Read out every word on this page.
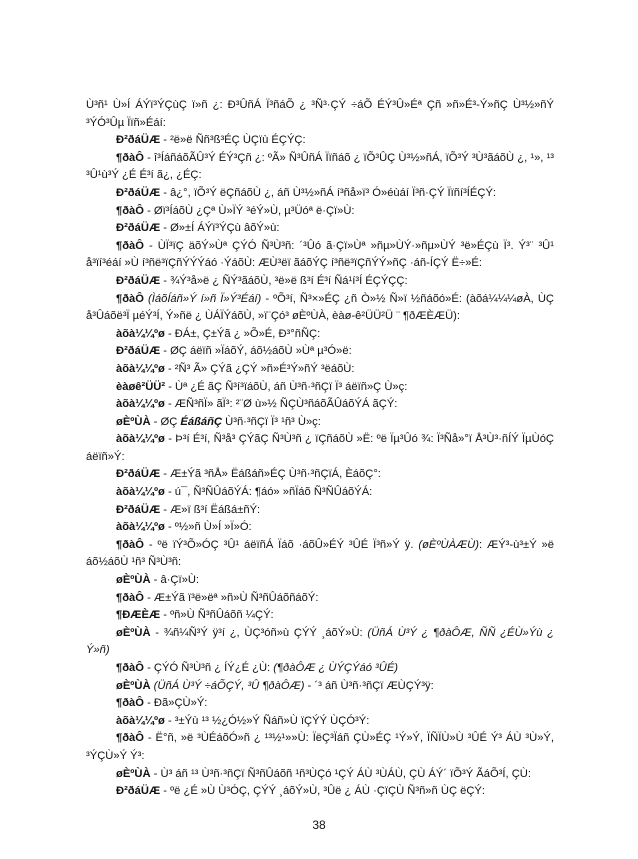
Ù³ñ¹ Ù»Í ÁÝï³ÝÇùÇ ï»ñ ¿: Ð³ÛñÁ Ï³ñáÕ ¿ ³Ñ³·ÇÝ ÷áÕ ÉÝ³Û»Éª Çñ »ñ»É³-Ý»ñÇ Ù³½»ñÝ ³ÝÓ³Ûµ Ïïñ»Éáí:

Ð²ðáÜÆ - ²ë»ë Ññ³ß³ÉÇ ÙÇïù ÉÇÝÇ:

¶ðàÔ - î³ÍáñáõÃÛ³Ý ÉÝ³Çñ ¿: ºÃ» Ñ³ÛñÁ Ïïñáõ ¿ ïÕ³ÛÇ Ù³½»ñÁ, ïÕ³Ý ³Ù³ãáõÙ ¿, ¹», ¹³ ³Û¹ù³Ý ¿É É³í ã¿, ¿ÉÇ:

Ð²ðáÜÆ - â¿°, ïÕ³Ý ëÇñáõÙ ¿, áñ Ù³½»ñÁ í³ñå»ï³ Ó»éùáí Ï³ñ·ÇÝ Ïïñí³ÍÉÇÝ:

¶ðàÔ - Øï³ÍáõÙ ¿Çª Ù»ÏÝ ³éÝ»Ù, µ³Üóª ë·Çï»Ù:

Ð²ðáÜÆ - Ø»±Í ÁÝï³ÝÇù âõÝ»ù:

¶ðàÔ - ÙÏ³ïÇ äõÝ»Ùª ÇÝÓ Ñ³Ù³ñ: ´³Ûó ã·Çï»Ùª »ñµ»ÙÝ·»ñµ»ÙÝ ³ë»ÉÇù Ï³. Ý³¨ ³Û¹ å³ïí³éáí »Ù í³ñë³ïÇñÝÝÝáó ·ÝáõÙ: ÆÙ³ëï ãáõÝÇ í³ñë³ïÇñÝÝ»ñÇ ·áñ-ÍÇÝ Ë÷»É:

Ð²ðáÜÆ - ¾Ý³å»ë ¿ ÑÝ³ãáõÙ, ³ë»ë ß³í É³í Ñá¹í³Í ÉÇÝÇÇ:

¶ðàÔ (ÌáõÍáñ»Ý í»ñ Ï»Ý³Éáí) - ºÕ³í, Ñ³×»ÉÇ ¿ñ Ò»½ Ñ»ï ½ñáõó»É: (àõá¼¼¼øÀ, ÙÇ å³Ûáõë³Ï µéÝ³Í, Ý»ñë ¿ ÙÁÏÝáõÙ, »ï¨Çó³ øÈºÙÀ, èàø-ê²ÜÜ²Ü ¨ ¶ðÆÈÆÜ):

àõà¼¼ºø - ÐÁ±, Ç±Ýã ¿ »Õ»É, Ð³°ñÑÇ:

Ð²ðáÜÆ - ØÇ áëïñ »ÏáõÝ, áõ½áõÙ »Ùª µ³Ó»ë:

àõà¼¼ºø - ²Ñ³ Ã» ÇÝã ¿ÇÝ »ñ»É³Ý»ñÝ ³ëáõÙ:

èàøê²ÜÜ² - Ùª ¿É ãÇ Ñ³í³ïáõÙ, áñ Ù³ñ·³ñÇï Ï³ áëïñ»Ç Ù»ç:

àõà¼¼ºø - ÆÑ³ñÏ» ãÏ³: ²¨Ø ù»½ ÑÇÙ³ñáõÃÛáõÝÁ ãÇÝ:

øÈºÙÀ - ØÇ ÉáßáñÇ Ù³ñ·³ñÇï Ï³ ¹ñ³ Ù»ç:

àõà¼¼ºø - Þ³í É³í, Ñ³å³ ÇÝãÇ Ñ³Ù³ñ ¿ ïÇñáõÙ »Ë: ºë Ïµ³Ûó ¾: Ï³Ñå»°ï Å³Ù³·ñÍÝ ÏµÙóÇ áëïñ»Ý:

Ð²ðáÜÆ - Æ±Ýã ³ñÅ» Ëáßáñ»ÉÇ Ù³ñ·³ñÇïÁ, ÈáõÇ°:

àõà¼¼ºø - ú¯, Ñ³ÑÛáõÝÁ: ¶áó» »ñÏáõ Ñ³ÑÛáõÝÁ:

Ð²ðáÜÆ - Æ»ï ß³í Ëáßá±ñÝ:

àõà¼¼ºø - º½»ñ Ù»Í »Ï»Ó:

¶ðàÔ - ºë ïÝ³Õ»ÓÇ ³Û¹ áëïñÁ Ïáõ ·áõÛ»ÉÝ ³ÛÉ Ï³ñ»Ý ÿ. (øÈºÙÀÆÙ): ÆÝ³-ù³±Ý »ë áõ½áõÙ ¹ñ³ Ñ³Ù³ñ:

øÈºÙÀ - â·Çï»Ù:

¶ðàÔ - Æ±Ýã ï³ë»ëª »ñ»Ù Ñ³ñÛáõñáõÝ:

¶ÐÆÈÆ - ºñ»Ù Ñ³ñÛáõñ ¼ÇÝ:

øÈºÙÀ - ¾ñ¼Ñ³Ý ÿ³í ¿, ÙÇ³óñ»ù ÇÝÝ ¸áõÝ»Ù: (ÜñÁ Ù³Ý ¿ ¶ðàÔÆ, ÑÑ ¿ÉÙ»Ýù ¿ Ý»ñ)

¶ðàÔ - ÇÝÓ Ñ³Ù³ñ ¿ ÍÝ¿É ¿Ù: (¶ðàÔÆ ¿ ÙÝÇÝáó ³ÛÉ)

øÈºÙÀ (ÜñÁ Ù³Ý ÷áÕÇÝ, ³Û ¶ðàÔÆ) - ´³ áñ Ù³ñ·³ñÇï ÆÙÇÝ³ÿ:

¶ðàÔ - Ðã»ÇÙ»Ý:

àõà¼¼ºø - ³±Ýù ¹³ ½¿Ó½»Ý Ñáñ»Ù ïÇÝÝ ÙÇÓ³Ý:

¶ðàÔ - Ë°ñ, »ë ³ÙÉáõÓ»ñ ¿ ¹³½¹»»Ù: ÏëÇ³Ïáñ ÇÙ»ÉÇ ¹Ý»Ý, ÏÑÏÙ»Ù ³ÛÉ Ý³ ÁÙ ³Ù»Ý, ³ÝÇÙ»Ý Ý³:

øÈºÙÀ - Ù³ áñ ¹³ Ù³ñ·³ñÇï Ñ³ñÛáõñ ¹ñ³ÙÇó ¹ÇÝ ÁÙ ³ÙÁÙ, ÇÙ ÁÝ´ ïÕ³Ý ÃáÕ³Í, ÇÙ:

Ð²ðáÜÆ - ºë ¿É »Ù Ù³ÓÇ, ÇÝÝ ¸áõÝ»Ù, ³Ûë ¿ ÁÙ ·ÇïÇÙ Ñ³ñ»ñ ÙÇ ëÇÝ:

38
